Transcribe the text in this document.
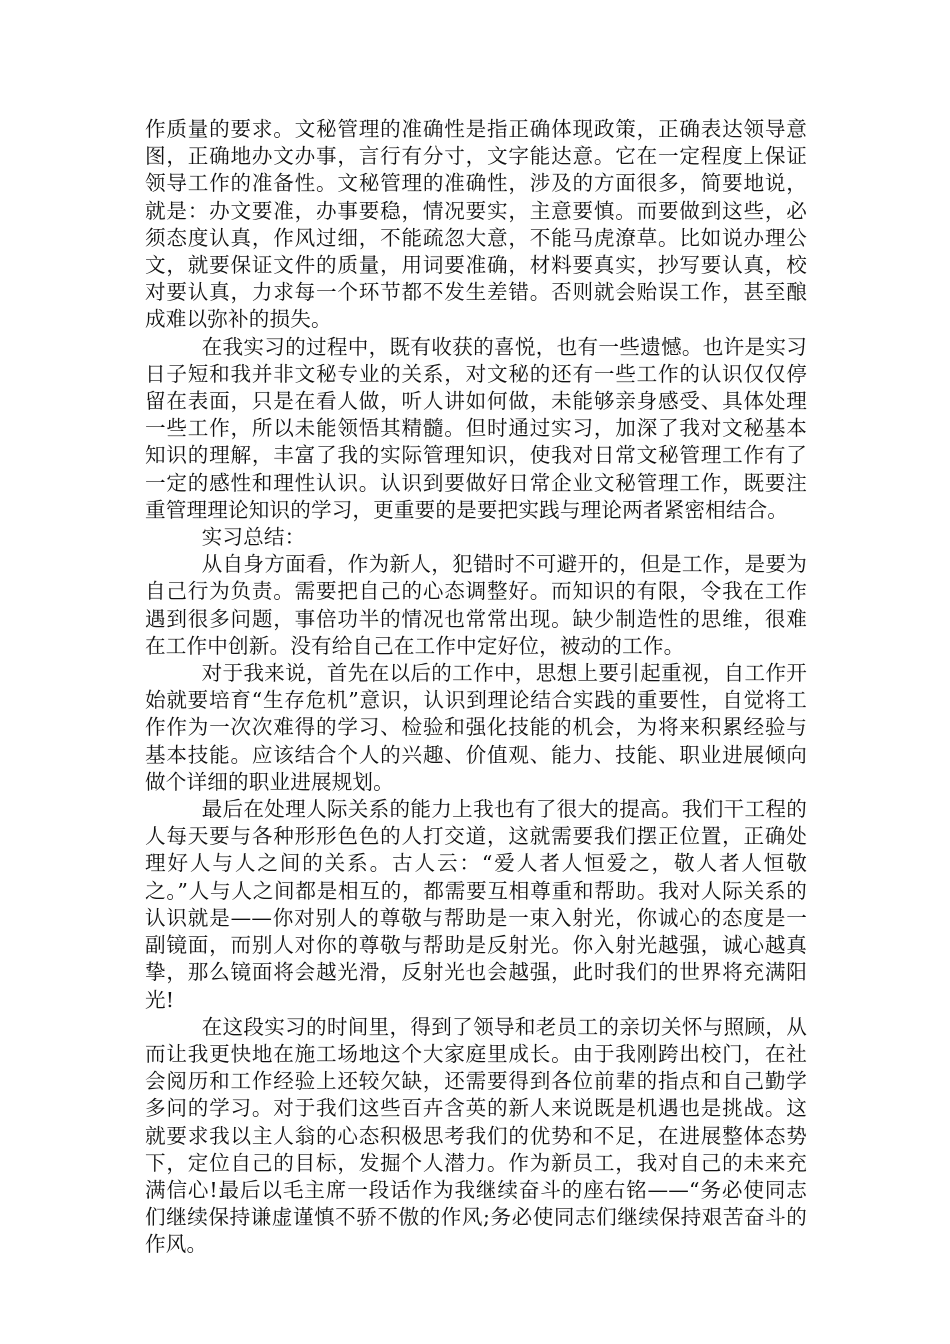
作质量的要求。文秘管理的准确性是指正确体现政策，正确表达领导意图，正确地办文办事，言行有分寸，文字能达意。它在一定程度上保证领导工作的准备性。文秘管理的准确性，涉及的方面很多，简要地说，就是：办文要准，办事要稳，情况要实，主意要慎。而要做到这些，必须态度认真，作风过细，不能疏忽大意，不能马虎潦草。比如说办理公文，就要保证文件的质量，用词要准确，材料要真实，抄写要认真，校对要认真，力求每一个环节都不发生差错。否则就会贻误工作，甚至酿成难以弥补的损失。

在我实习的过程中，既有收获的喜悦，也有一些遗憾。也许是实习日子短和我并非文秘专业的关系，对文秘的还有一些工作的认识仅仅停留在表面，只是在看人做，听人讲如何做，未能够亲身感受、具体处理一些工作，所以未能领悟其精髓。但时通过实习，加深了我对文秘基本知识的理解，丰富了我的实际管理知识，使我对日常文秘管理工作有了一定的感性和理性认识。认识到要做好日常企业文秘管理工作，既要注重管理理论知识的学习，更重要的是要把实践与理论两者紧密相结合。

实习总结：

从自身方面看，作为新人，犯错时不可避开的，但是工作，是要为自己行为负责。需要把自己的心态调整好。而知识的有限，令我在工作遇到很多问题，事倍功半的情况也常常出现。缺少制造性的思维，很难在工作中创新。没有给自己在工作中定好位，被动的工作。

对于我来说，首先在以后的工作中，思想上要引起重视，自工作开始就要培育“生存危机”意识，认识到理论结合实践的重要性，自觉将工作作为一次次难得的学习、检验和强化技能的机会，为将来积累经验与基本技能。应该结合个人的兴趣、价值观、能力、技能、职业进展倾向做个详细的职业进展规划。

最后在处理人际关系的能力上我也有了很大的提高。我们干工程的人每天要与各种形形色色的人打交道，这就需要我们摆正位置，正确处理好人与人之间的关系。古人云：“爱人者人恒爱之，敬人者人恒敬之。”人与人之间都是相互的，都需要互相尊重和帮助。我对人际关系的认识就是——你对别人的尊敬与帮助是一束入射光，你诚心的态度是一副镜面，而别人对你的尊敬与帮助是反射光。你入射光越强，诚心越真挚，那么镜面将会越光滑，反射光也会越强，此时我们的世界将充满阳光!

在这段实习的时间里，得到了领导和老员工的亲切关怀与照顾，从而让我更快地在施工场地这个大家庭里成长。由于我刚跨出校门，在社会阅历和工作经验上还较欠缺，还需要得到各位前辈的指点和自己勤学多问的学习。对于我们这些百卉含英的新人来说既是机遇也是挑战。这就要求我以主人翁的心态积极思考我们的优势和不足，在进展整体态势下，定位自己的目标，发掘个人潜力。作为新员工，我对自己的未来充满信心!最后以毛主席一段话作为我继续奋斗的座右铭——“务必使同志们继续保持谦虚谨慎不骄不傲的作风;务必使同志们继续保持艰苦奋斗的作风。
